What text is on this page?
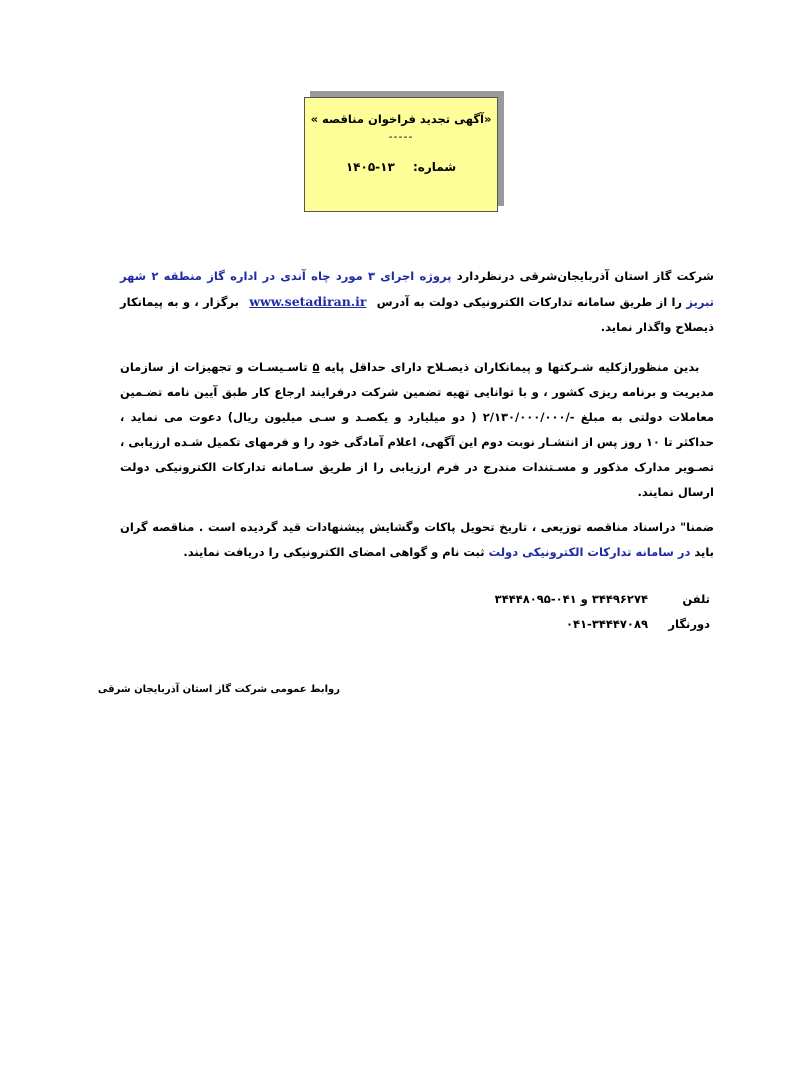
«آگهی تجدید فراخوان مناقصه »
-----
شماره: ۱۳-۱۴۰۵
شرکت گاز استان آذربایجان‌شرقی درنظردارد پروژه اجرای ۳ مورد چاه آندی در اداره گاز منطقه ۲ شهر تبریز را از طریق سامانه تدارکات الکترونیکی دولت به آدرس www.setadiran.ir برگزار ، و به پیمانکار ذیصلاح واگذار نماید.
بدین منظورازکلیه شـرکتها و پیمانکاران ذیصـلاح دارای حداقل پایه ۵ تاسـیسـات و تجهیزات از سازمان مدیریت و برنامه ریزی کشور ، و با توانایی تهیه تضمین شرکت درفرایند ارجاع کار طبق آیین نامه تضـمین معاملات دولتی به مبلغ -/۲/۱۳۰/۰۰۰/۰۰۰ ( دو میلیارد و یکصـد و سـی میلیون ریال) دعوت می نماید ، حداکثر تا ۱۰ روز پس از انتشـار نوبت دوم این آگهی، اعلام آمادگی خود را و فرمهای تکمیل شـده ارزیابی ، تصـویر مدارک مذکور و مسـتندات مندرج در فرم ارزیابی را از طریق سـامانه تدارکات الکترونیکی دولت ارسال نمایند.
ضمنا" دراسناد مناقصه توزیعی ، تاریخ تحویل پاکات وگشایش پیشنهادات قید گردیده است . مناقصه گران باید در سامانه تدارکات الکترونیکی دولت ثبت نام و گواهی امضای الکترونیکی را دریافت نمایند.
تلفن ۳۴۴۹۶۲۷۴ و ۰۴۱-۳۴۴۴۸۰۹۵
دورنگار ۰۴۱-۳۴۴۴۷۰۸۹
روابط عمومی شرکت گاز استان آذربایجان شرقی
